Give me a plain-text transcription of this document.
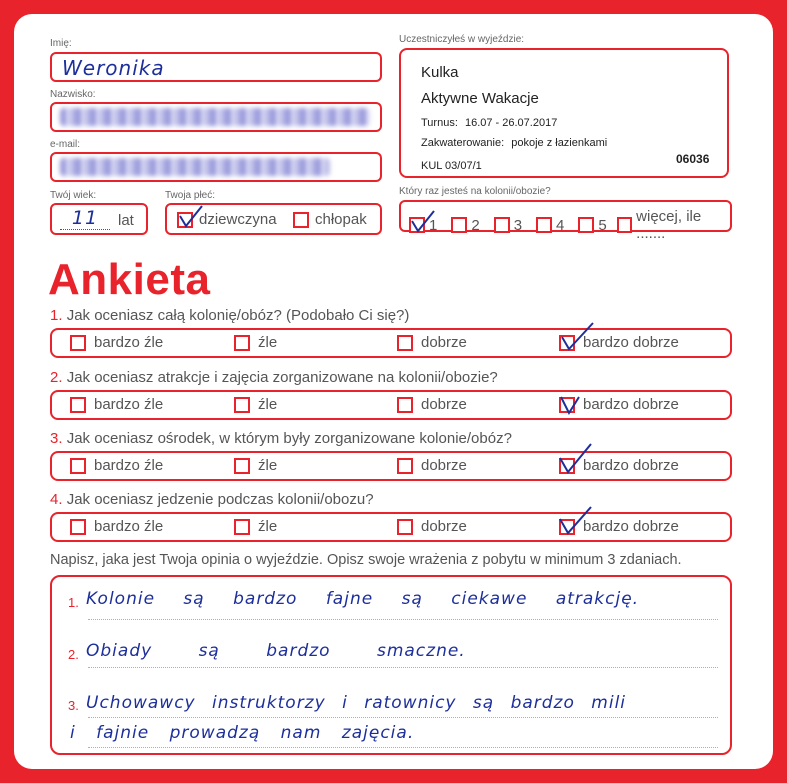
Imię:
Weronika
Nazwisko:
e-mail:
Twój wiek:
11	lat
Twoja płeć:
dziewczyna	chłopak
Uczestniczyłeś w wyjeździe:
Kulka
Aktywne Wakacje
Turnus: 16.07 - 26.07.2017
Zakwaterowanie: pokoje z łazienkami
KUL 03/07/1	06036
Który raz jesteś na kolonii/obozie?
1 2 3 4 5 więcej, ile .......
Ankieta
1. Jak oceniasz całą kolonię/obóz? (Podobało Ci się?)
bardzo źle	źle	dobrze	bardzo dobrze
2. Jak oceniasz atrakcje i zajęcia zorganizowane na kolonii/obozie?
bardzo źle	źle	dobrze	bardzo dobrze
3. Jak oceniasz ośrodek, w którym były zorganizowane kolonie/obóz?
bardzo źle	źle	dobrze	bardzo dobrze
4. Jak oceniasz jedzenie podczas kolonii/obozu?
bardzo źle	źle	dobrze	bardzo dobrze
Napisz, jaka jest Twoja opinia o wyjeździe. Opisz swoje wrażenia z pobytu w minimum 3 zdaniach.
1.
2.
3.
Kolonie są bardzo fajne są ciekawe atrakcję.
Obiady są bardzo smaczne.
Uchowawcy instruktorzy i ratownicy są bardzo mili
i fajnie prowadzą nam zajęcia.
